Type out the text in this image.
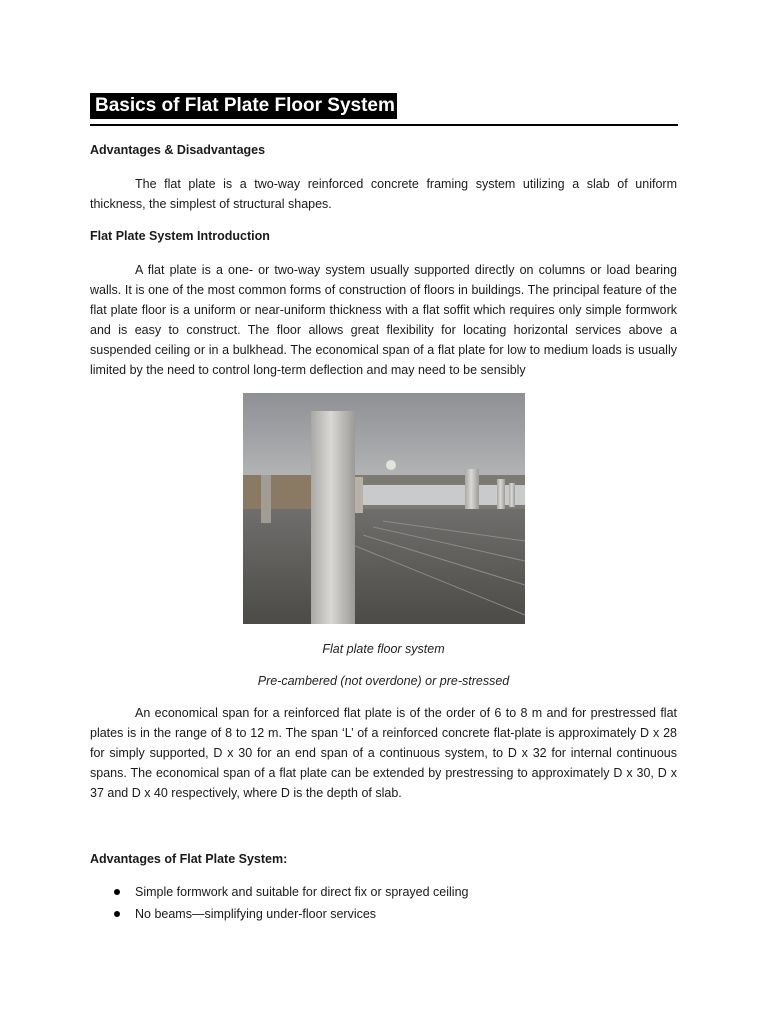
Basics of Flat Plate Floor System
Advantages & Disadvantages

The flat plate is a two-way reinforced concrete framing system utilizing a slab of uniform thickness, the simplest of structural shapes.

Flat Plate System Introduction

A flat plate is a one- or two-way system usually supported directly on columns or load bearing walls. It is one of the most common forms of construction of floors in buildings. The principal feature of the flat plate floor is a uniform or near-uniform thickness with a flat soffit which requires only simple formwork and is easy to construct. The floor allows great flexibility for locating horizontal services above a suspended ceiling or in a bulkhead. The economical span of a flat plate for low to medium loads is usually limited by the need to control long-term deflection and may need to be sensibly

Flat plate floor system
Pre-cambered (not overdone) or pre-stressed

An economical span for a reinforced flat plate is of the order of 6 to 8 m and for prestressed flat plates is in the range of 8 to 12 m. The span ‘L’ of a reinforced concrete flat-plate is approximately D x 28 for simply supported, D x 30 for an end span of a continuous system, to D x 32 for internal continuous spans. The economical span of a flat plate can be extended by prestressing to approximately D x 30, D x 37 and D x 40 respectively, where D is the depth of slab.

Advantages of Flat Plate System:
Simple formwork and suitable for direct fix or sprayed ceiling
No beams—simplifying under-floor services
